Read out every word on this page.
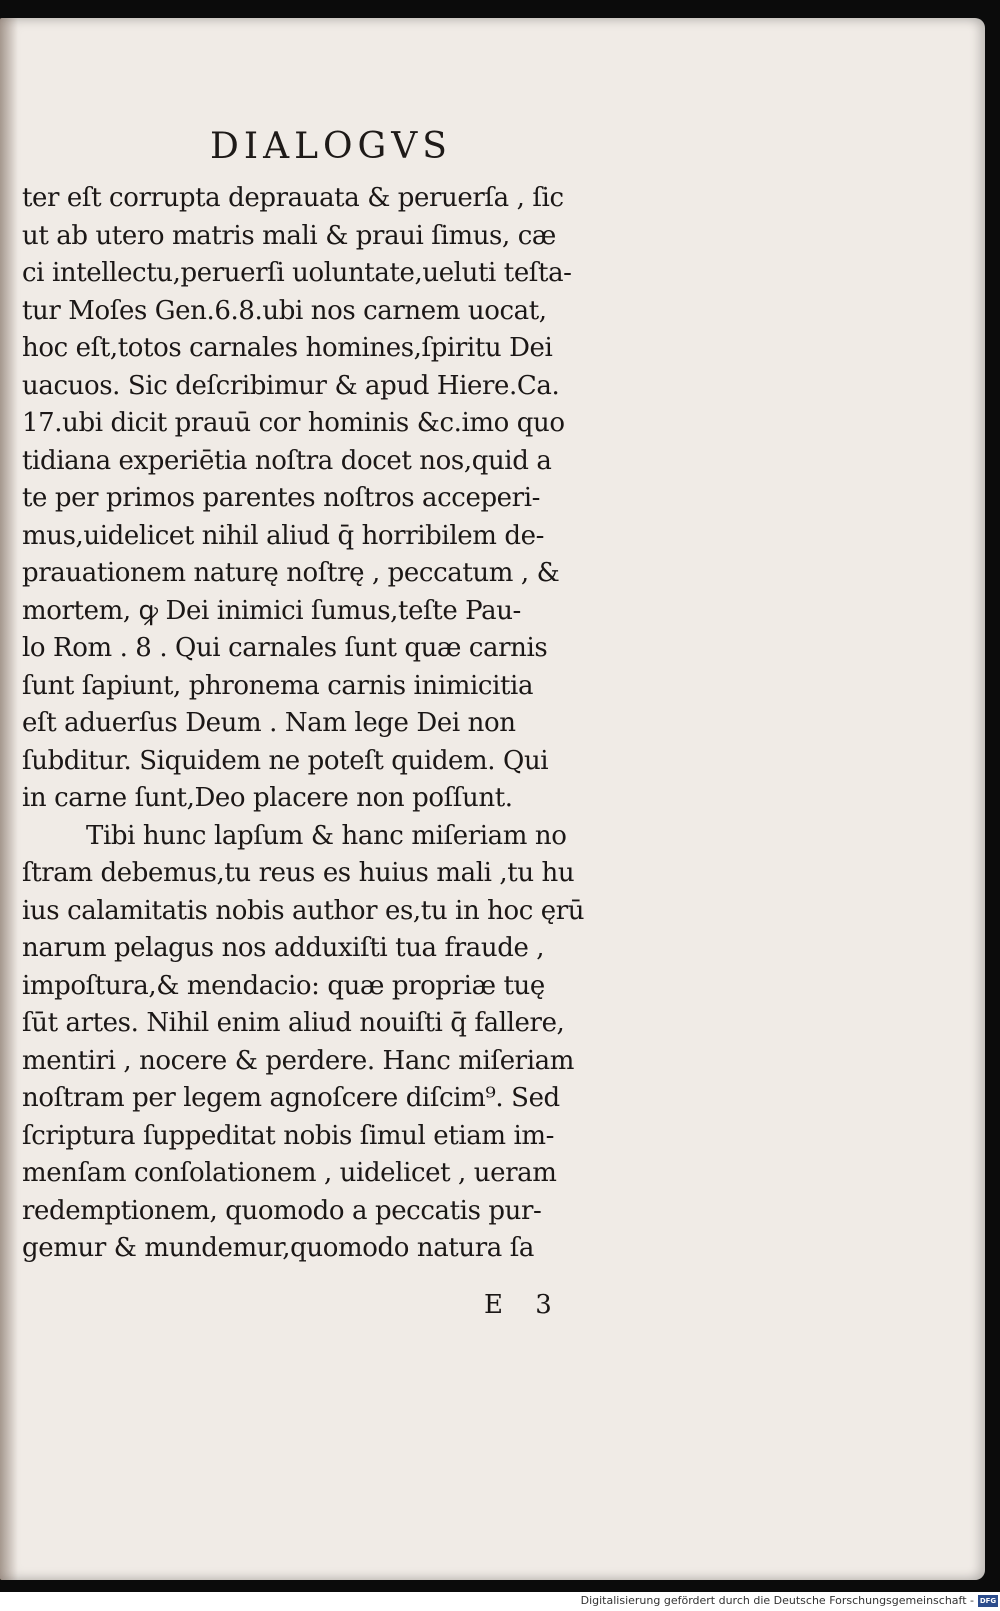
DIALOGVS
ter eſt corrupta deprauata & peruerſa , ſic
ut ab utero matris mali & praui ſimus, cæ
ci intellectu,peruerſi uoluntate,ueluti teſta-
tur Moſes Gen.6.8.ubi nos carnem uocat,
hoc eſt,totos carnales homines,ſpiritu Dei
uacuos. Sic deſcribimur & apud Hiere.Ca.
17.ubi dicit prauū cor hominis &c.imo quo
tidiana experiētia noſtra docet nos,quid a
te per primos parentes noſtros acceperi-
mus,uidelicet nihil aliud q̄ horribilem de-
prauationem naturę noſtrę , peccatum , &
mortem, ꝙ Dei inimici ſumus,teſte Pau-
lo Rom . 8 . Qui carnales ſunt quæ carnis
ſunt ſapiunt, phronema carnis inimicitia
eſt aduerſus Deum . Nam lege Dei non
ſubditur. Siquidem ne poteſt quidem. Qui
in carne ſunt,Deo placere non poſſunt.
Tibi hunc lapſum & hanc miſeriam no
ſtram debemus,tu reus es huius mali ,tu hu
ius calamitatis nobis author es,tu in hoc ęrū
narum pelagus nos adduxiſti tua fraude ,
impoſtura,& mendacio: quæ propriæ tuę
ſūt artes. Nihil enim aliud nouiſti q̄ fallere,
mentiri , nocere & perdere. Hanc miſeriam
noſtram per legem agnoſcere diſcim⁹. Sed
ſcriptura ſuppeditat nobis ſimul etiam im-
menſam conſolationem , uidelicet , ueram
redemptionem, quomodo a peccatis pur-
gemur & mundemur,quomodo natura ſa
E 3
Digitalisierung gefördert durch die Deutsche Forschungsgemeinschaft - DFG
